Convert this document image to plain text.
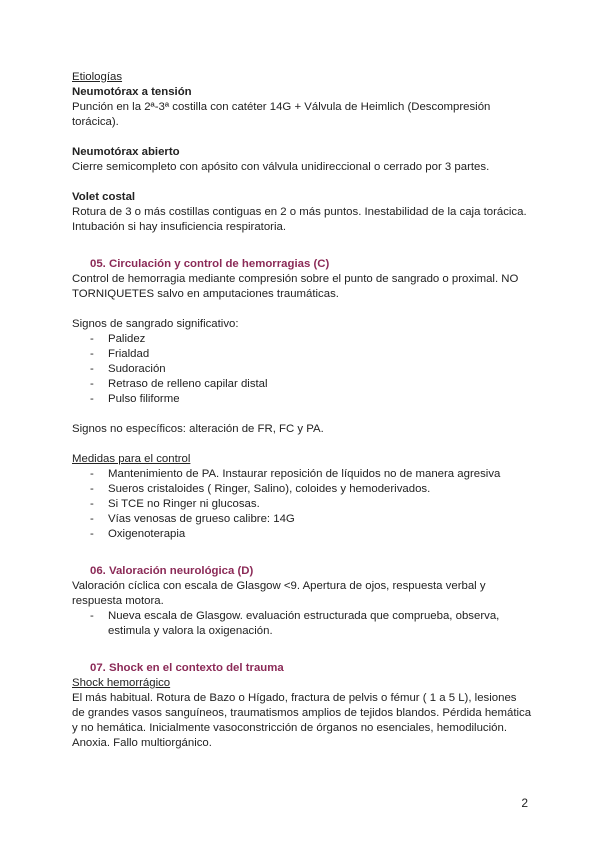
Etiologías

Neumotórax a tensión

Punción en la 2ª-3ª costilla con catéter 14G + Válvula de Heimlich (Descompresión torácica).

Neumotórax abierto

Cierre semicompleto con apósito con válvula unidireccional o cerrado por 3 partes.

Volet costal

Rotura de 3 o más costillas contiguas en 2 o más puntos. Inestabilidad de la caja torácica. Intubación si hay insuficiencia respiratoria.

05. Circulación y control de hemorragias (C)

Control de hemorragia mediante compresión sobre el punto de sangrado o proximal. NO TORNIQUETES salvo en amputaciones traumáticas.

Signos de sangrado significativo:

- Palidez
- Frialdad
- Sudoración
- Retraso de relleno capilar distal
- Pulso filiforme

Signos no específicos: alteración de FR, FC y PA.

Medidas para el control

- Mantenimiento de PA. Instaurar reposición de líquidos no de manera agresiva
- Sueros cristaloides ( Ringer, Salino), coloides y hemoderivados.
- Si TCE no Ringer ni glucosas.
- Vías venosas de grueso calibre: 14G
- Oxigenoterapia

06. Valoración neurológica (D)

Valoración cíclica con escala de Glasgow <9. Apertura de ojos, respuesta verbal y respuesta motora.

- Nueva escala de Glasgow. evaluación estructurada que comprueba, observa, estimula y valora la oxigenación.

07. Shock en el contexto del trauma

Shock hemorrágico

El más habitual. Rotura de Bazo o Hígado, fractura de pelvis o fémur ( 1 a 5 L), lesiones de grandes vasos sanguíneos, traumatismos amplios de tejidos blandos. Pérdida hemática y no hemática. Inicialmente vasoconstricción de órganos no esenciales, hemodilución. Anoxia. Fallo multiorgánico.

2
